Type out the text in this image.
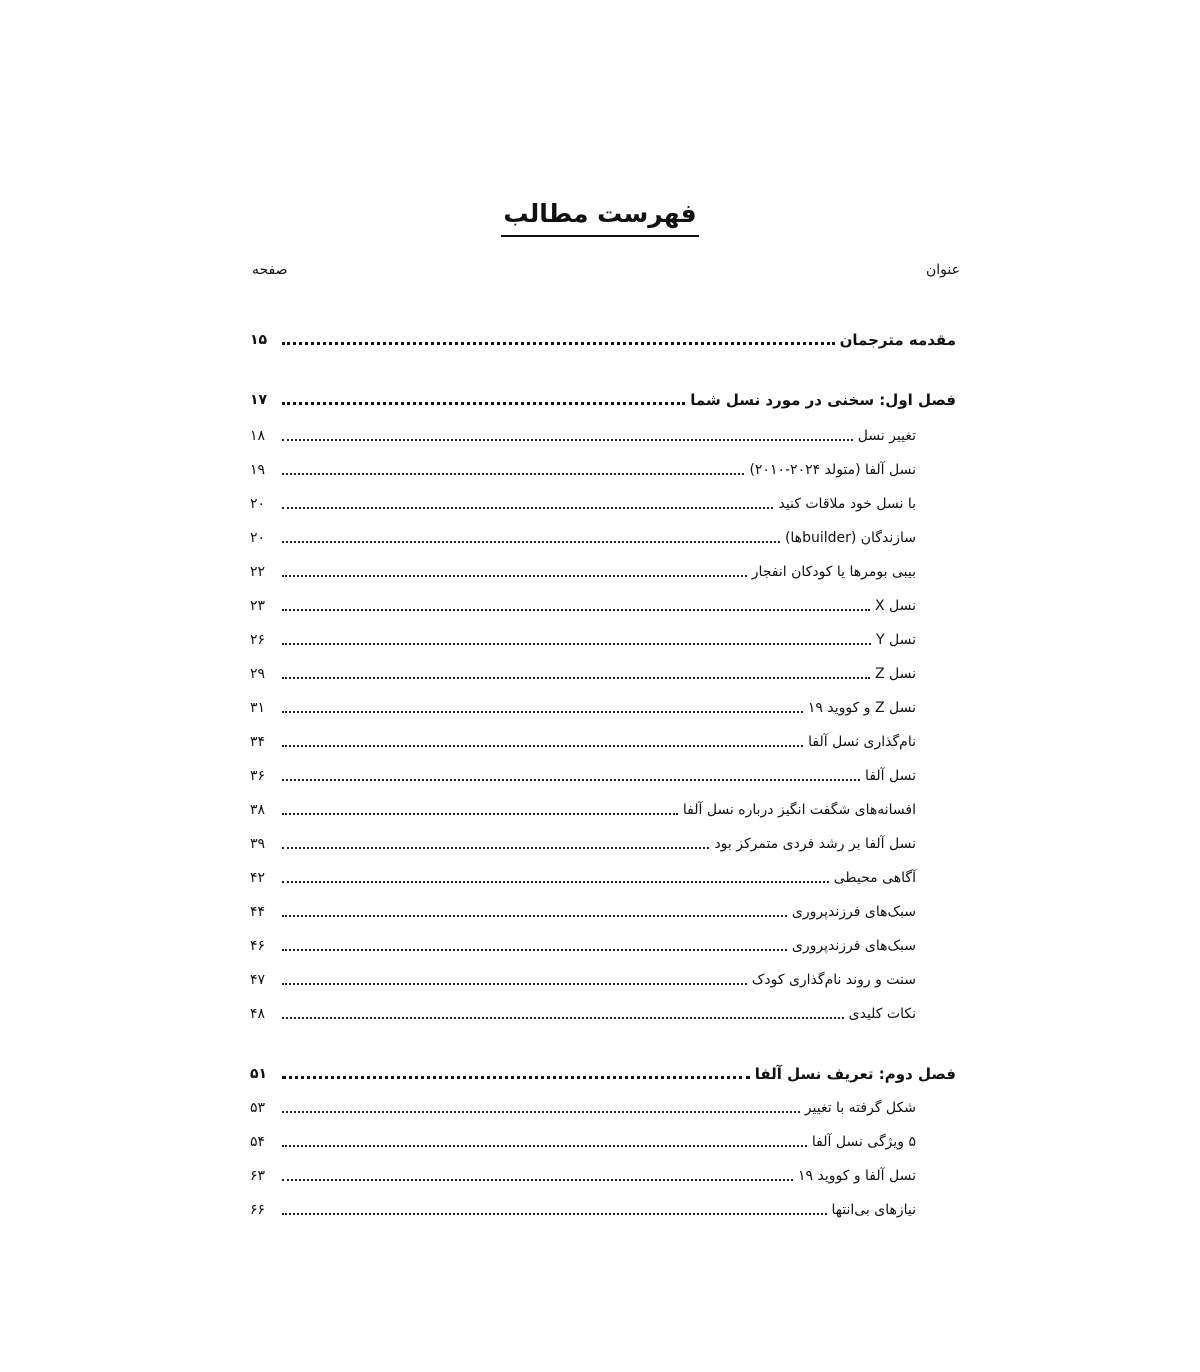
فهرست مطالب
عنوان
صفحه
۱۵	مقدمه مترجمان
۱۷	فصل اول: سخنی در مورد نسل شما
۱۸	تغییر نسل
۱۹	نسل آلفا (متولد ۲۰۲۴-۲۰۱۰)
۲۰	با نسل خود ملاقات کنید
۲۰	سازندگان (builderها)
۲۲	بیبی بومرها یا کودکان انفجار
۲۳	نسل X
۲۶	نسل Y
۲۹	نسل Z
۳۱	نسل Z و کووید ۱۹
۳۴	نام‌گذاری نسل آلفا
۳۶	نسل آلفا
۳۸	افسانه‌های شگفت انگیز درباره نسل آلفا
۳۹	نسل آلفا بر رشد فردی متمرکز بود
۴۲	آگاهی محیطی
۴۴	سبک‌های فرزندپروری
۴۶	سبک‌های فرزندپروری
۴۷	سنت و روند نام‌گذاری کودک
۴۸	نکات کلیدی
۵۱	فصل دوم: تعریف نسل آلفا
۵۳	شکل گرفته با تغییر
۵۴	۵ ویژگی نسل آلفا
۶۳	نسل آلفا و کووید ۱۹
۶۶	نیازهای بی‌انتها
